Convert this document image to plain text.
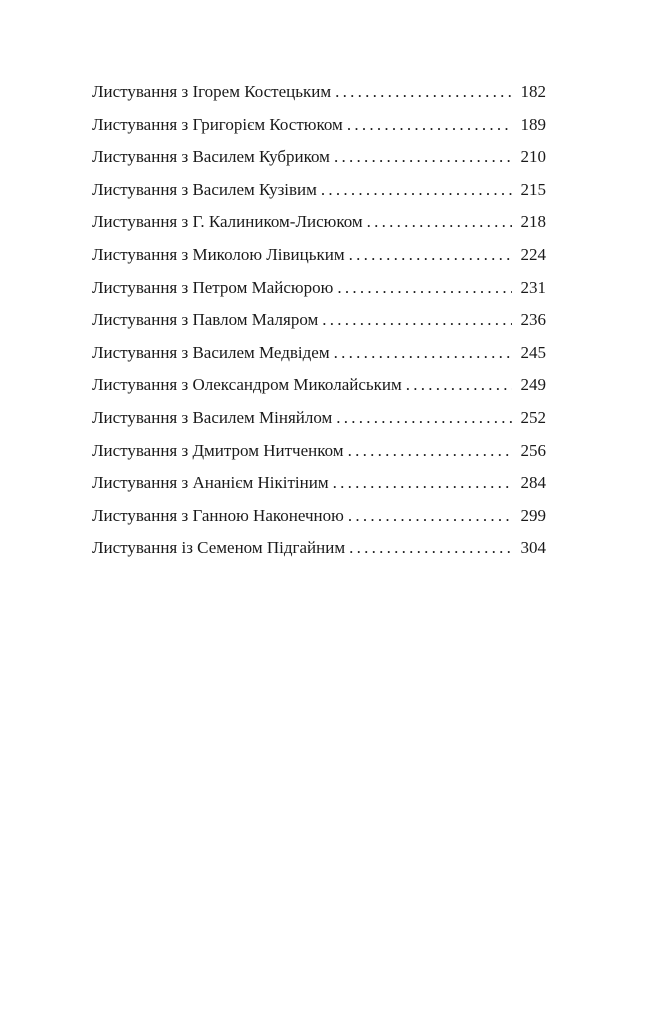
Листування з Ігорем Костецьким . . .	182
Листування з Григорієм Костюком . . .	189
Листування з Василем Кубриком . . .	210
Листування з Василем Кузівим . . .	215
Листування з Г. Калиником-Лисюком . . .	218
Листування з Миколою Лівицьким . . .	224
Листування з Петром Майсюрою . . .	231
Листування з Павлом Маляром . . .	236
Листування з Василем Медвідем . . .	245
Листування з Олександром Миколайським . . .	249
Листування з Василем Міняйлом . . .	252
Листування з Дмитром Нитченком . . .	256
Листування з Ананієм Нікітіним . . .	284
Листування з Ганною Наконечною . . .	299
Листування із Семеном Підгайним . . .	304
